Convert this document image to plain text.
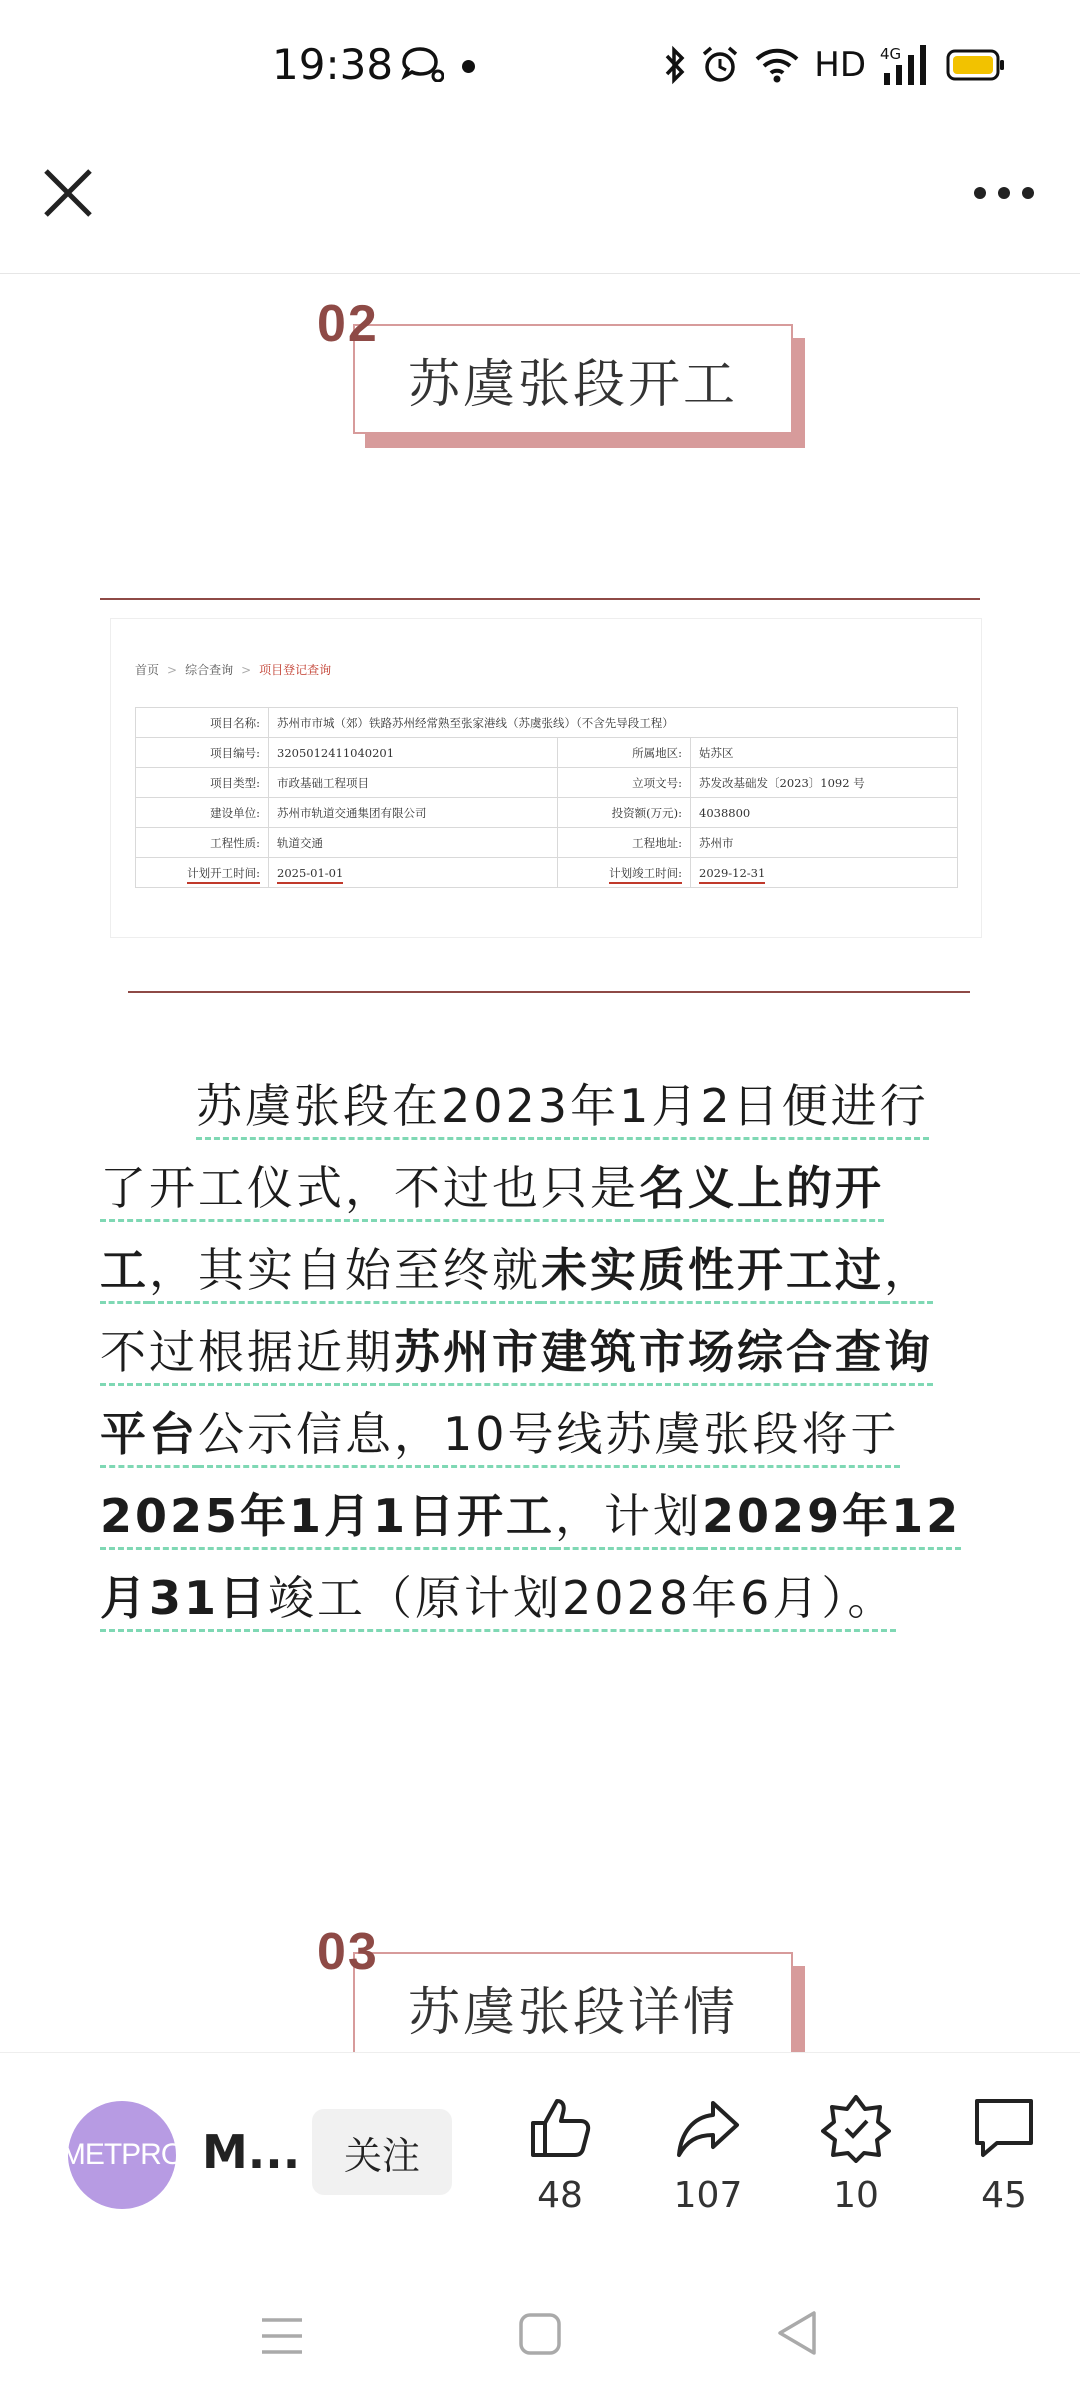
19:38	HD 4G
02
苏虞张段开工
首页 > 综合查询 > 项目登记查询
项目名称:	苏州市市城（郊）铁路苏州经常熟至张家港线（苏虞张线）（不含先导段工程）		
项目编号:	3205012411040201	所属地区:	姑苏区
项目类型:	市政基础工程项目	立项文号:	苏发改基础发〔2023〕1092 号
建设单位:	苏州市轨道交通集团有限公司	投资额(万元):	4038800
工程性质:	轨道交通	工程地址:	苏州市
计划开工时间:	2025-01-01	计划竣工时间:	2029-12-31

苏虞张段在2023年1月2日便进行了开工仪式，不过也只是名义上的开工，其实自始至终就未实质性开工过，不过根据近期苏州市建筑市场综合查询平台公示信息，10号线苏虞张段将于2025年1月1日开工，计划2029年12月31日竣工（原计划2028年6月）。

03
苏虞张段详情
METPRO M...	关注
48	107	10	45
